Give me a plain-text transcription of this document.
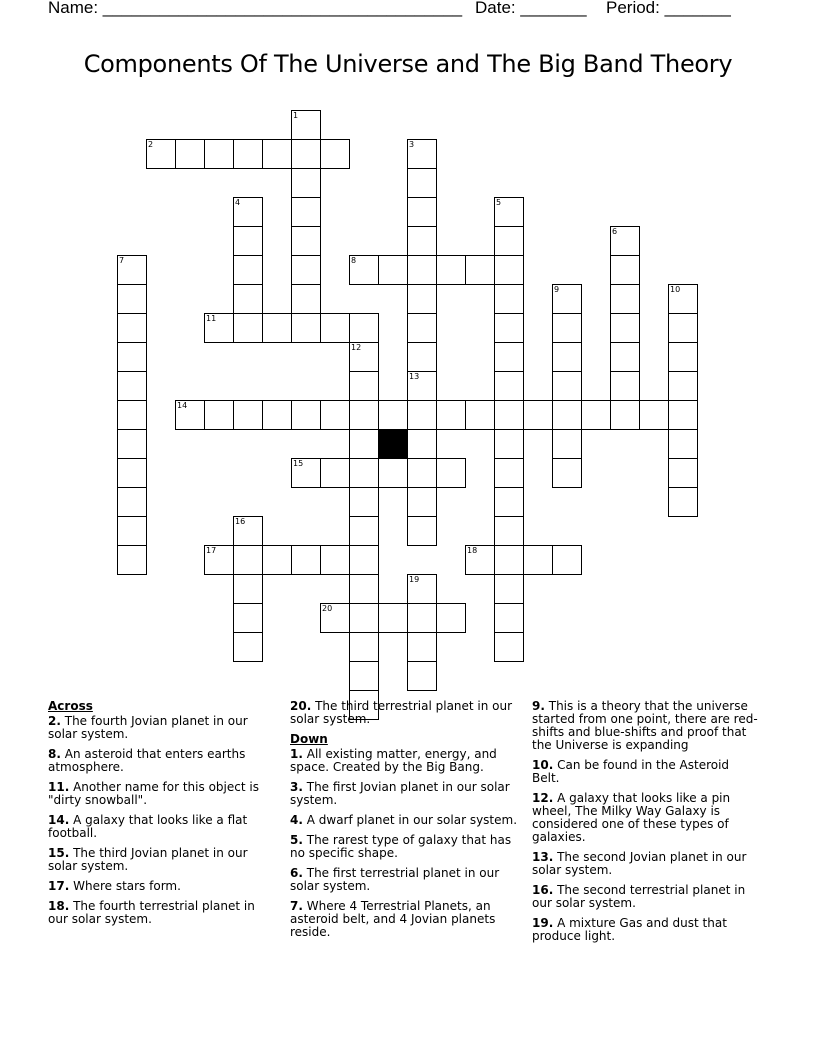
Name: ______________________________________ Date: _______ Period: _______
Components Of The Universe and The Big Band Theory
1
2	3
4	5
6
7	8
9	10
11
12
13
14
15
16
17	18
19
20
Across
2. The fourth Jovian planet in our solar system.
8. An asteroid that enters earths atmosphere.
11. Another name for this object is "dirty snowball".
14. A galaxy that looks like a flat football.
15. The third Jovian planet in our solar system.
17. Where stars form.
18. The fourth terrestrial planet in our solar system.
20. The third terrestrial planet in our solar system.
Down
1. All existing matter, energy, and space. Created by the Big Bang.
3. The first Jovian planet in our solar system.
4. A dwarf planet in our solar system.
5. The rarest type of galaxy that has no specific shape.
6. The first terrestrial planet in our solar system.
7. Where 4 Terrestrial Planets, an asteroid belt, and 4 Jovian planets reside.
9. This is a theory that the universe started from one point, there are red-shifts and blue-shifts and proof that the Universe is expanding
10. Can be found in the Asteroid Belt.
12. A galaxy that looks like a pin wheel, The Milky Way Galaxy is considered one of these types of galaxies.
13. The second Jovian planet in our solar system.
16. The second terrestrial planet in our solar system.
19. A mixture Gas and dust that produce light.
